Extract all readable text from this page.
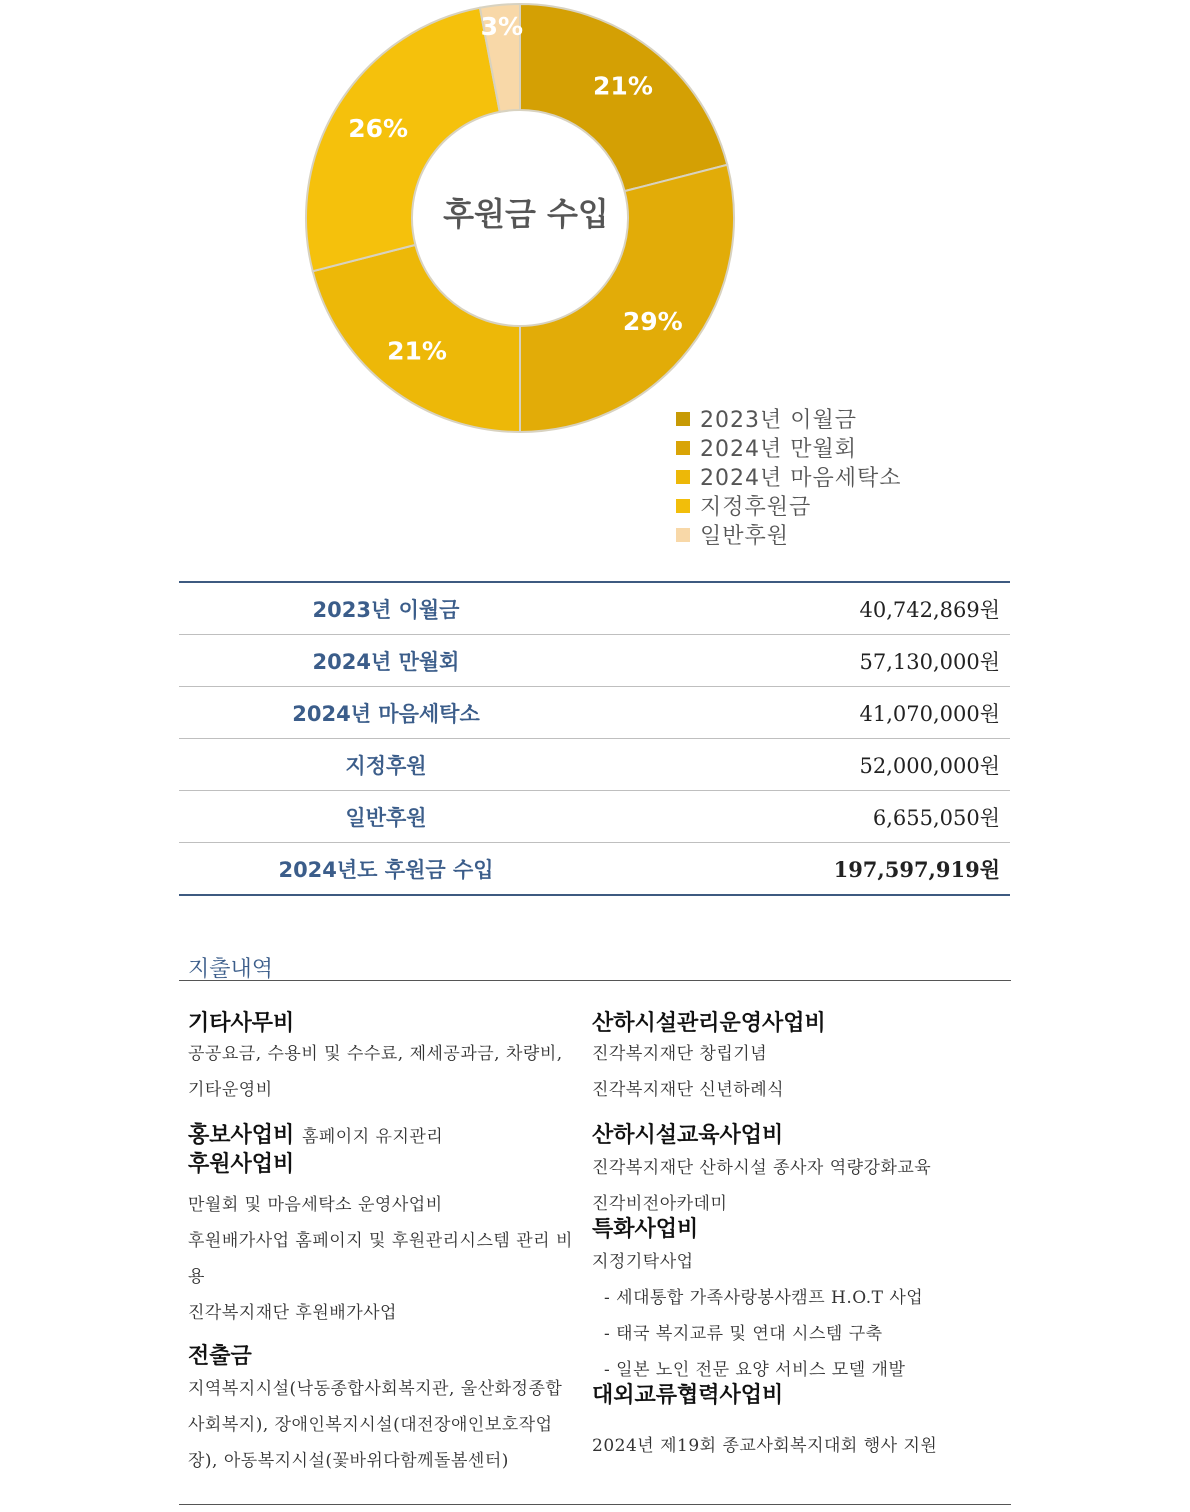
21%
29%
21%
26%
3%
후원금 수입
2023년 이월금
2024년 만월회
2024년 마음세탁소
지정후원금
일반후원
2023년 이월금	40,742,869원
2024년 만월회	57,130,000원
2024년 마음세탁소	41,070,000원
지정후원	52,000,000원
일반후원	6,655,050원
2024년도 후원금 수입	197,597,919원
지출내역
기타사무비
공공요금, 수용비 및 수수료, 제세공과금, 차량비, 기타운영비
홍보사업비 홈페이지 유지관리
후원사업비
만월회 및 마음세탁소 운영사업비
후원배가사업 홈페이지 및 후원관리시스템 관리 비용
진각복지재단 후원배가사업
전출금
지역복지시설(낙동종합사회복지관, 울산화정종합사회복지), 장애인복지시설(대전장애인보호작업장), 아동복지시설(꽃바위다함께돌봄센터)
산하시설관리운영사업비
진각복지재단 창립기념
진각복지재단 신년하례식
산하시설교육사업비
진각복지재단 산하시설 종사자 역량강화교육
진각비전아카데미
특화사업비
지정기탁사업
- 세대통합 가족사랑봉사캠프 H.O.T 사업
- 태국 복지교류 및 연대 시스템 구축
- 일본 노인 전문 요양 서비스 모델 개발
대외교류협력사업비
2024년 제19회 종교사회복지대회 행사 지원
